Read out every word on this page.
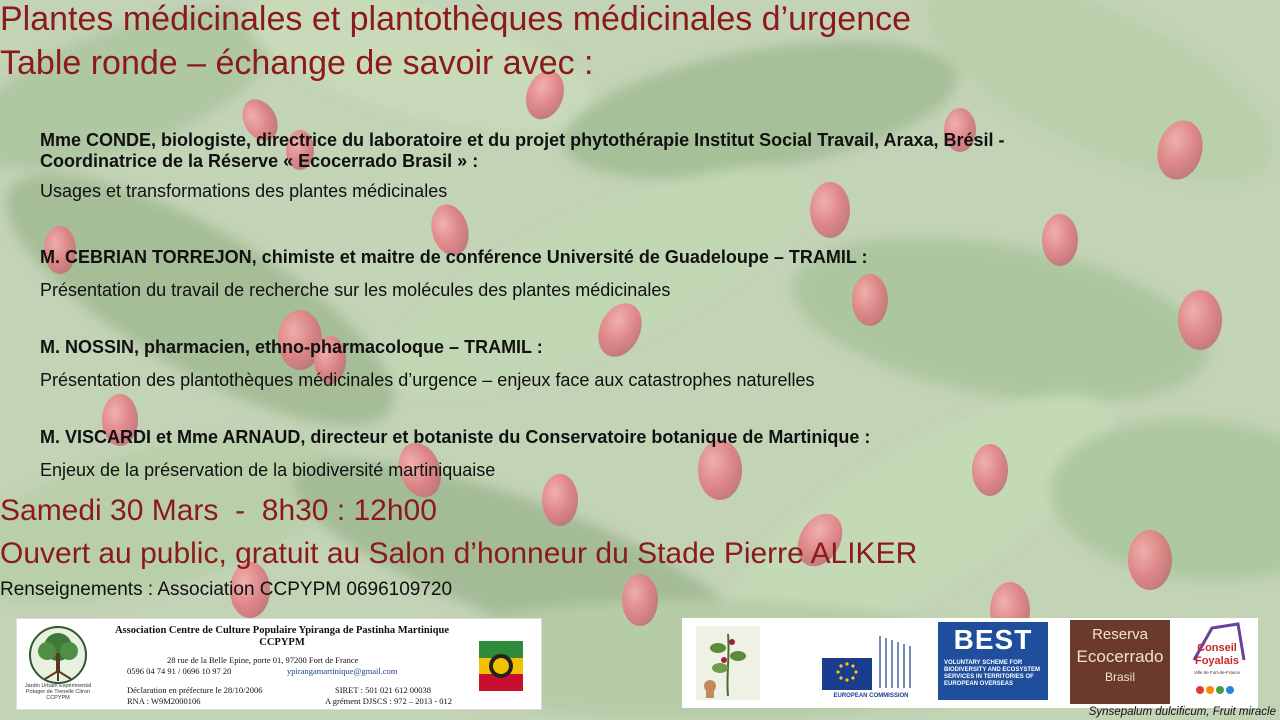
Plantes médicinales et plantothèques médicinales d’urgence
Table ronde – échange de savoir avec :
Mme CONDE, biologiste, directrice du laboratoire et du projet phytothérapie Institut Social Travail, Araxa, Brésil -
Coordinatrice de la Réserve « Ecocerrado Brasil » :
Usages et transformations des plantes médicinales
M. CEBRIAN TORREJON, chimiste et maitre de conférence Université de Guadeloupe – TRAMIL :
Présentation du travail de recherche sur les molécules des plantes médicinales
M. NOSSIN, pharmacien, ethno-pharmacoloque – TRAMIL :
Présentation des plantothèques médicinales d’urgence – enjeux face aux catastrophes naturelles
M. VISCARDI et Mme ARNAUD, directeur et botaniste du Conservatoire botanique de Martinique :
Enjeux de la préservation de la biodiversité martiniquaise
Samedi 30 Mars  -  8h30 : 12h00
Ouvert au public, gratuit au Salon d’honneur du Stade Pierre ALIKER
Renseignements : Association CCPYPM 0696109720
Jardin Urbain Expérimental Potager de Trenelle Citron CCPYPM
Association Centre de Culture Populaire Ypiranga de Pastinha Martinique
CCPYPM
28 rue de la Belle Epine, porte 01, 97200 Fort de France
0596 04 74 91 / 0696 10 97 20	ypirangamartinique@gmail.com
Déclaration en préfecture le 28/10/2006	SIRET : 501 021 612 00038
RNA : W9M2000106	A grément DJSCS : 972 – 2013 - 012	EUROPEAN COMMISSION
BEST
VOLUNTARY SCHEME FOR BIODIVERSITY AND ECOSYSTEM SERVICES IN TERRITORIES OF EUROPEAN OVERSEAS
Reserva
Ecocerrado
Brasil
Conseil
Foyalais
Ville de Fort-de-France
Synsepalum dulcificum, Fruit miracle
